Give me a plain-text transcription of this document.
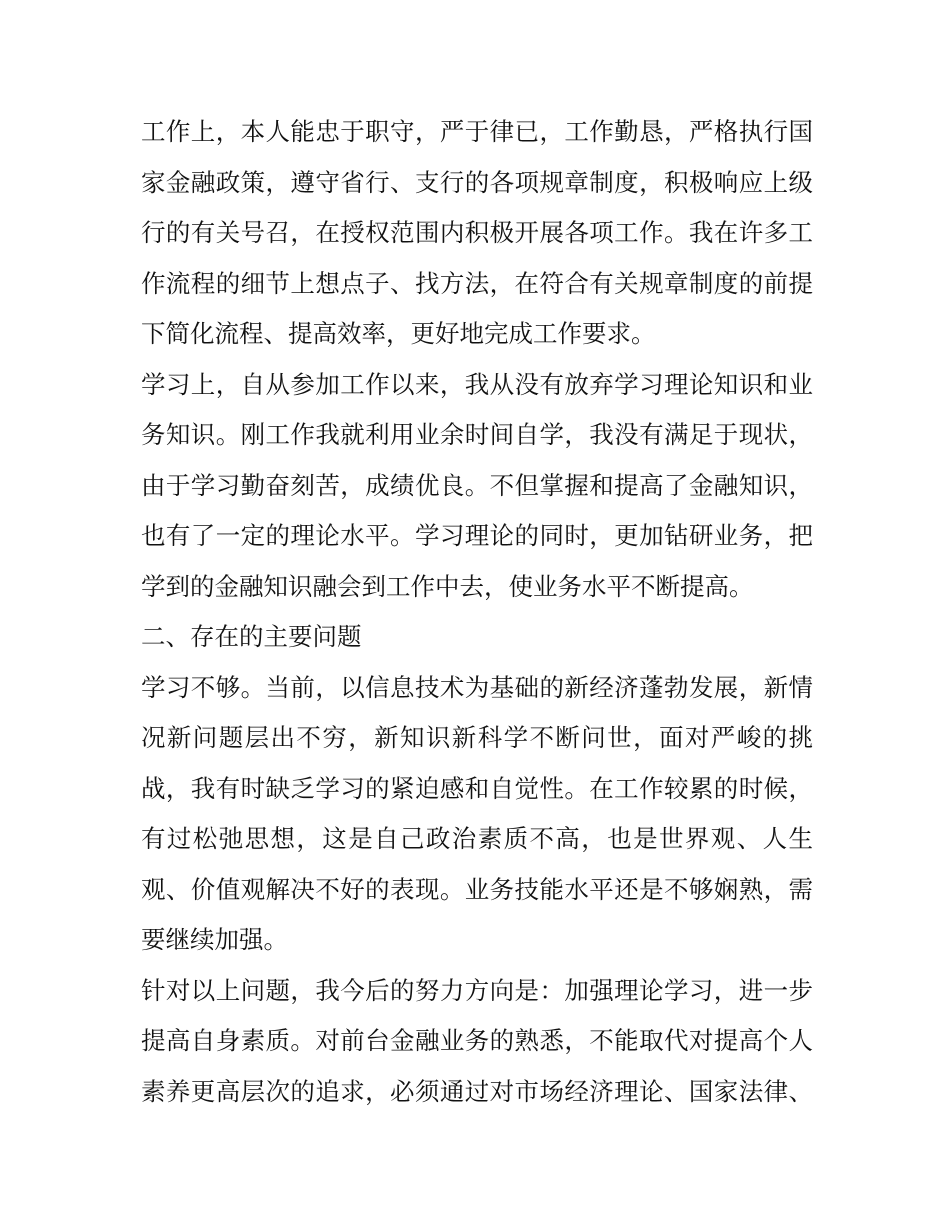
工作上，本人能忠于职守，严于律已，工作勤恳，严格执行国
家金融政策，遵守省行、支行的各项规章制度，积极响应上级
行的有关号召，在授权范围内积极开展各项工作。我在许多工
作流程的细节上想点子、找方法，在符合有关规章制度的前提
下简化流程、提高效率，更好地完成工作要求。
学习上，自从参加工作以来，我从没有放弃学习理论知识和业
务知识。刚工作我就利用业余时间自学，我没有满足于现状，
由于学习勤奋刻苦，成绩优良。不但掌握和提高了金融知识，
也有了一定的理论水平。学习理论的同时，更加钻研业务，把
学到的金融知识融会到工作中去，使业务水平不断提高。
二、存在的主要问题
学习不够。当前，以信息技术为基础的新经济蓬勃发展，新情
况新问题层出不穷，新知识新科学不断问世，面对严峻的挑
战，我有时缺乏学习的紧迫感和自觉性。在工作较累的时候，
有过松弛思想，这是自己政治素质不高，也是世界观、人生
观、价值观解决不好的表现。业务技能水平还是不够娴熟，需
要继续加强。
针对以上问题，我今后的努力方向是：加强理论学习，进一步
提高自身素质。对前台金融业务的熟悉，不能取代对提高个人
素养更高层次的追求，必须通过对市场经济理论、国家法律、
